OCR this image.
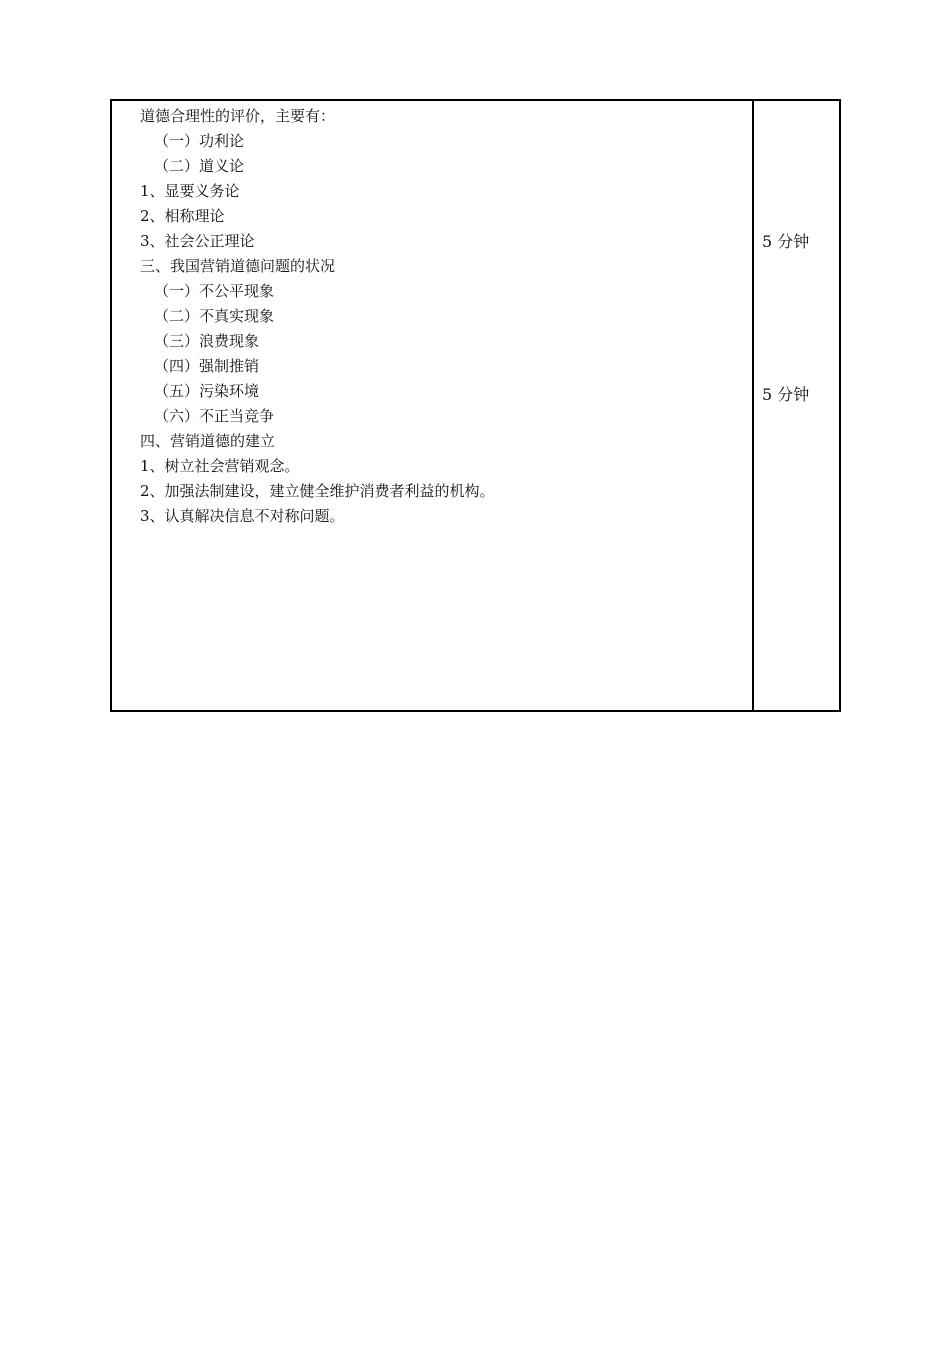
道德合理性的评价，主要有：
（一）功利论
（二）道义论
1、显要义务论
2、相称理论
3、社会公正理论
三、我国营销道德问题的状况
（一）不公平现象
（二）不真实现象
（三）浪费现象
（四）强制推销
（五）污染环境
（六）不正当竞争
四、营销道德的建立
1、树立社会营销观念。
2、加强法制建设，建立健全维护消费者利益的机构。
3、认真解决信息不对称问题。
5 分钟
5 分钟
